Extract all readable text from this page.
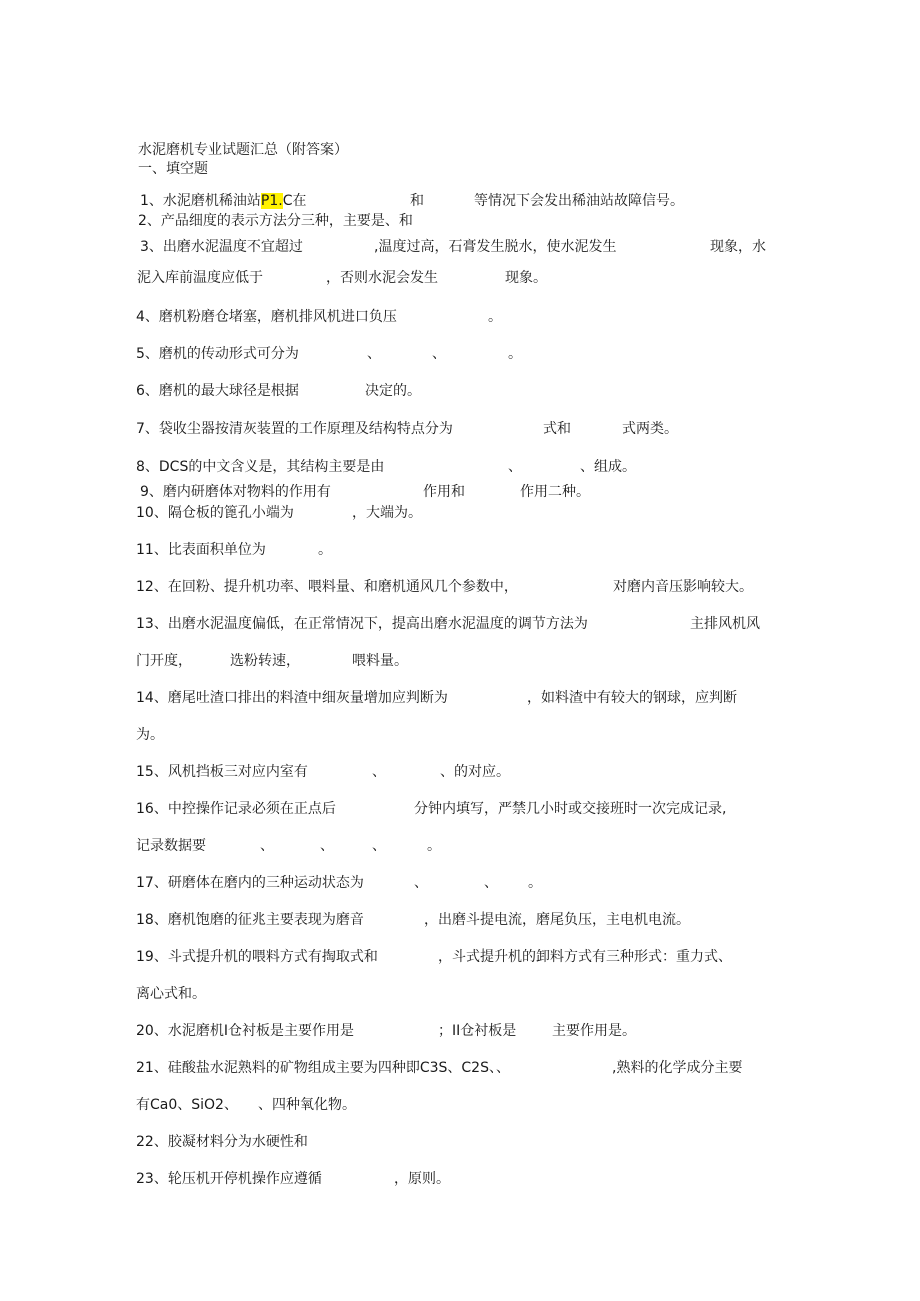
水泥磨机专业试题汇总（附答案）
一、填空题
1、水泥磨机稀油站P1.C在	和	等情况下会发出稀油站故障信号。
2、产品细度的表示方法分三种，主要是、和
3、出磨水泥温度不宜超过	,温度过高，石膏发生脱水，使水泥发生	现象，水
泥入库前温度应低于	，否则水泥会发生	现象。
4、磨机粉磨仓堵塞，磨机排风机进口负压	。
5、磨机的传动形式可分为	、	、	。
6、磨机的最大球径是根据	决定的。
7、袋收尘器按清灰装置的工作原理及结构特点分为	式和	式两类。
8、DCS的中文含义是，其结构主要是由	、	、组成。
9、磨内研磨体对物料的作用有	作用和	作用二种。
10、隔仓板的篦孔小端为	，大端为。
11、比表面积单位为	。
12、在回粉、提升机功率、喂料量、和磨机通风几个参数中，	对磨内音压影响较大。
13、出磨水泥温度偏低，在正常情况下，提高出磨水泥温度的调节方法为	主排风机风
门开度，	选粉转速，	喂料量。
14、磨尾吐渣口排出的料渣中细灰量增加应判断为	，如料渣中有较大的钢球，应判断
为。
15、风机挡板三对应内室有	、	、的对应。
16、中控操作记录必须在正点后	分钟内填写，严禁几小时或交接班时一次完成记录,
记录数据要	、	、	、	。
17、研磨体在磨内的三种运动状态为	、	、 。
18、磨机饱磨的征兆主要表现为磨音	，出磨斗提电流，磨尾负压，主电机电流。
19、斗式提升机的喂料方式有掏取式和	，斗式提升机的卸料方式有三种形式：重力式、
离心式和。
20、水泥磨机I仓衬板是主要作用是	；II仓衬板是	主要作用是。
21、硅酸盐水泥熟料的矿物组成主要为四种即C3S、C2S、、	,熟料的化学成分主要
有Ca0、SiO2、 、四种氧化物。
22、胶凝材料分为水硬性和
23、轮压机开停机操作应遵循	，原则。
